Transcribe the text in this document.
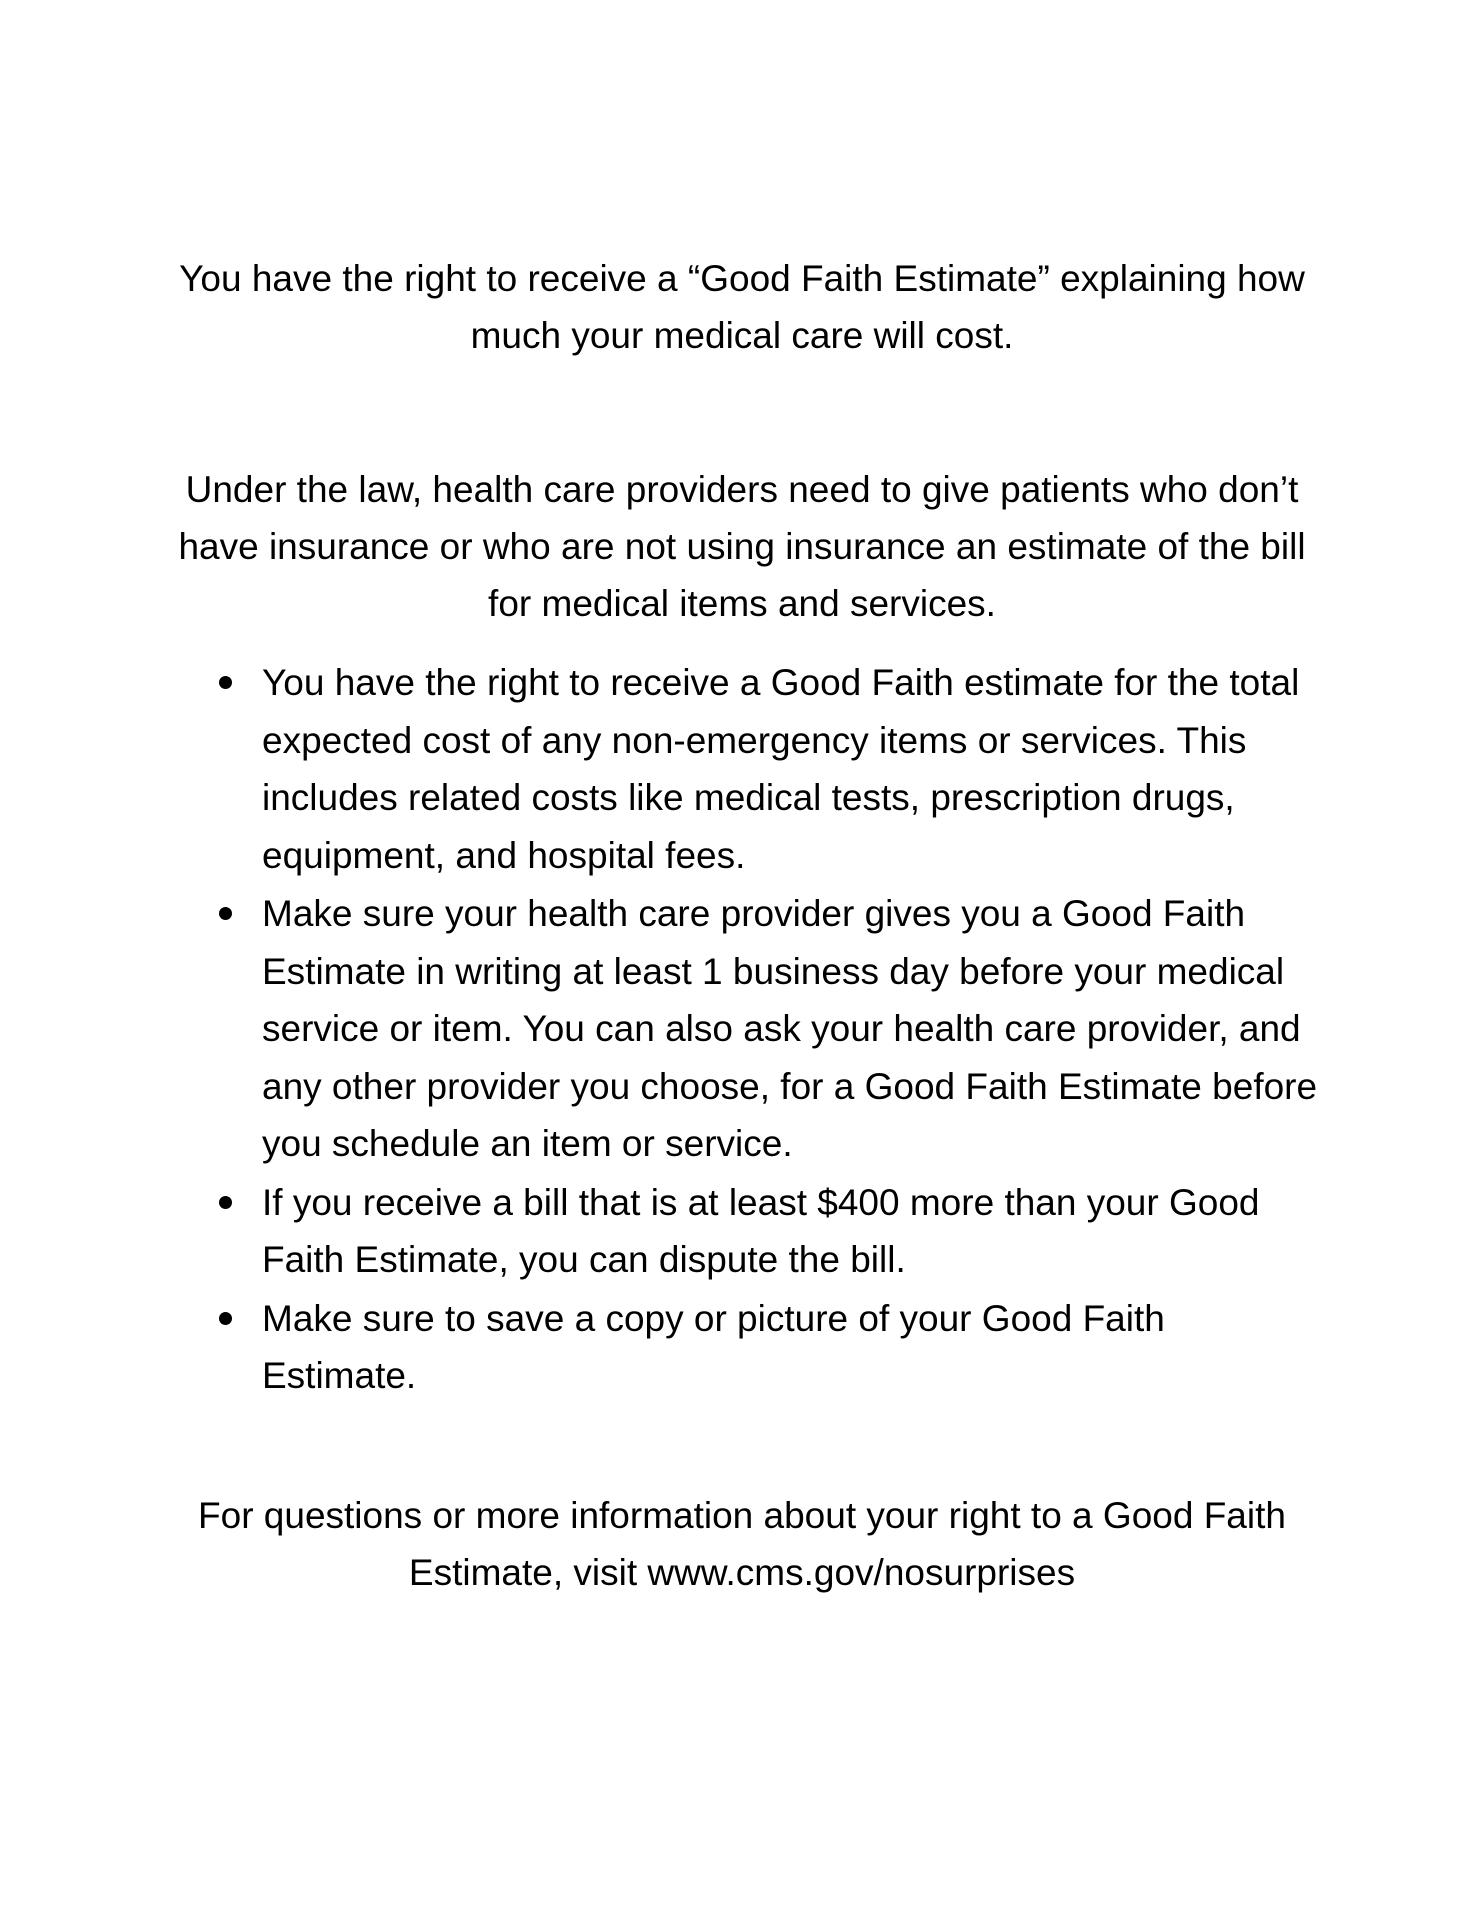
You have the right to receive a “Good Faith Estimate” explaining how much your medical care will cost.

Under the law, health care providers need to give patients who don’t have insurance or who are not using insurance an estimate of the bill for medical items and services.

You have the right to receive a Good Faith estimate for the total expected cost of any non-emergency items or services. This includes related costs like medical tests, prescription drugs, equipment, and hospital fees.
Make sure your health care provider gives you a Good Faith Estimate in writing at least 1 business day before your medical service or item. You can also ask your health care provider, and any other provider you choose, for a Good Faith Estimate before you schedule an item or service.
If you receive a bill that is at least $400 more than your Good Faith Estimate, you can dispute the bill.
Make sure to save a copy or picture of your Good Faith Estimate.

For questions or more information about your right to a Good Faith Estimate, visit www.cms.gov/nosurprises
